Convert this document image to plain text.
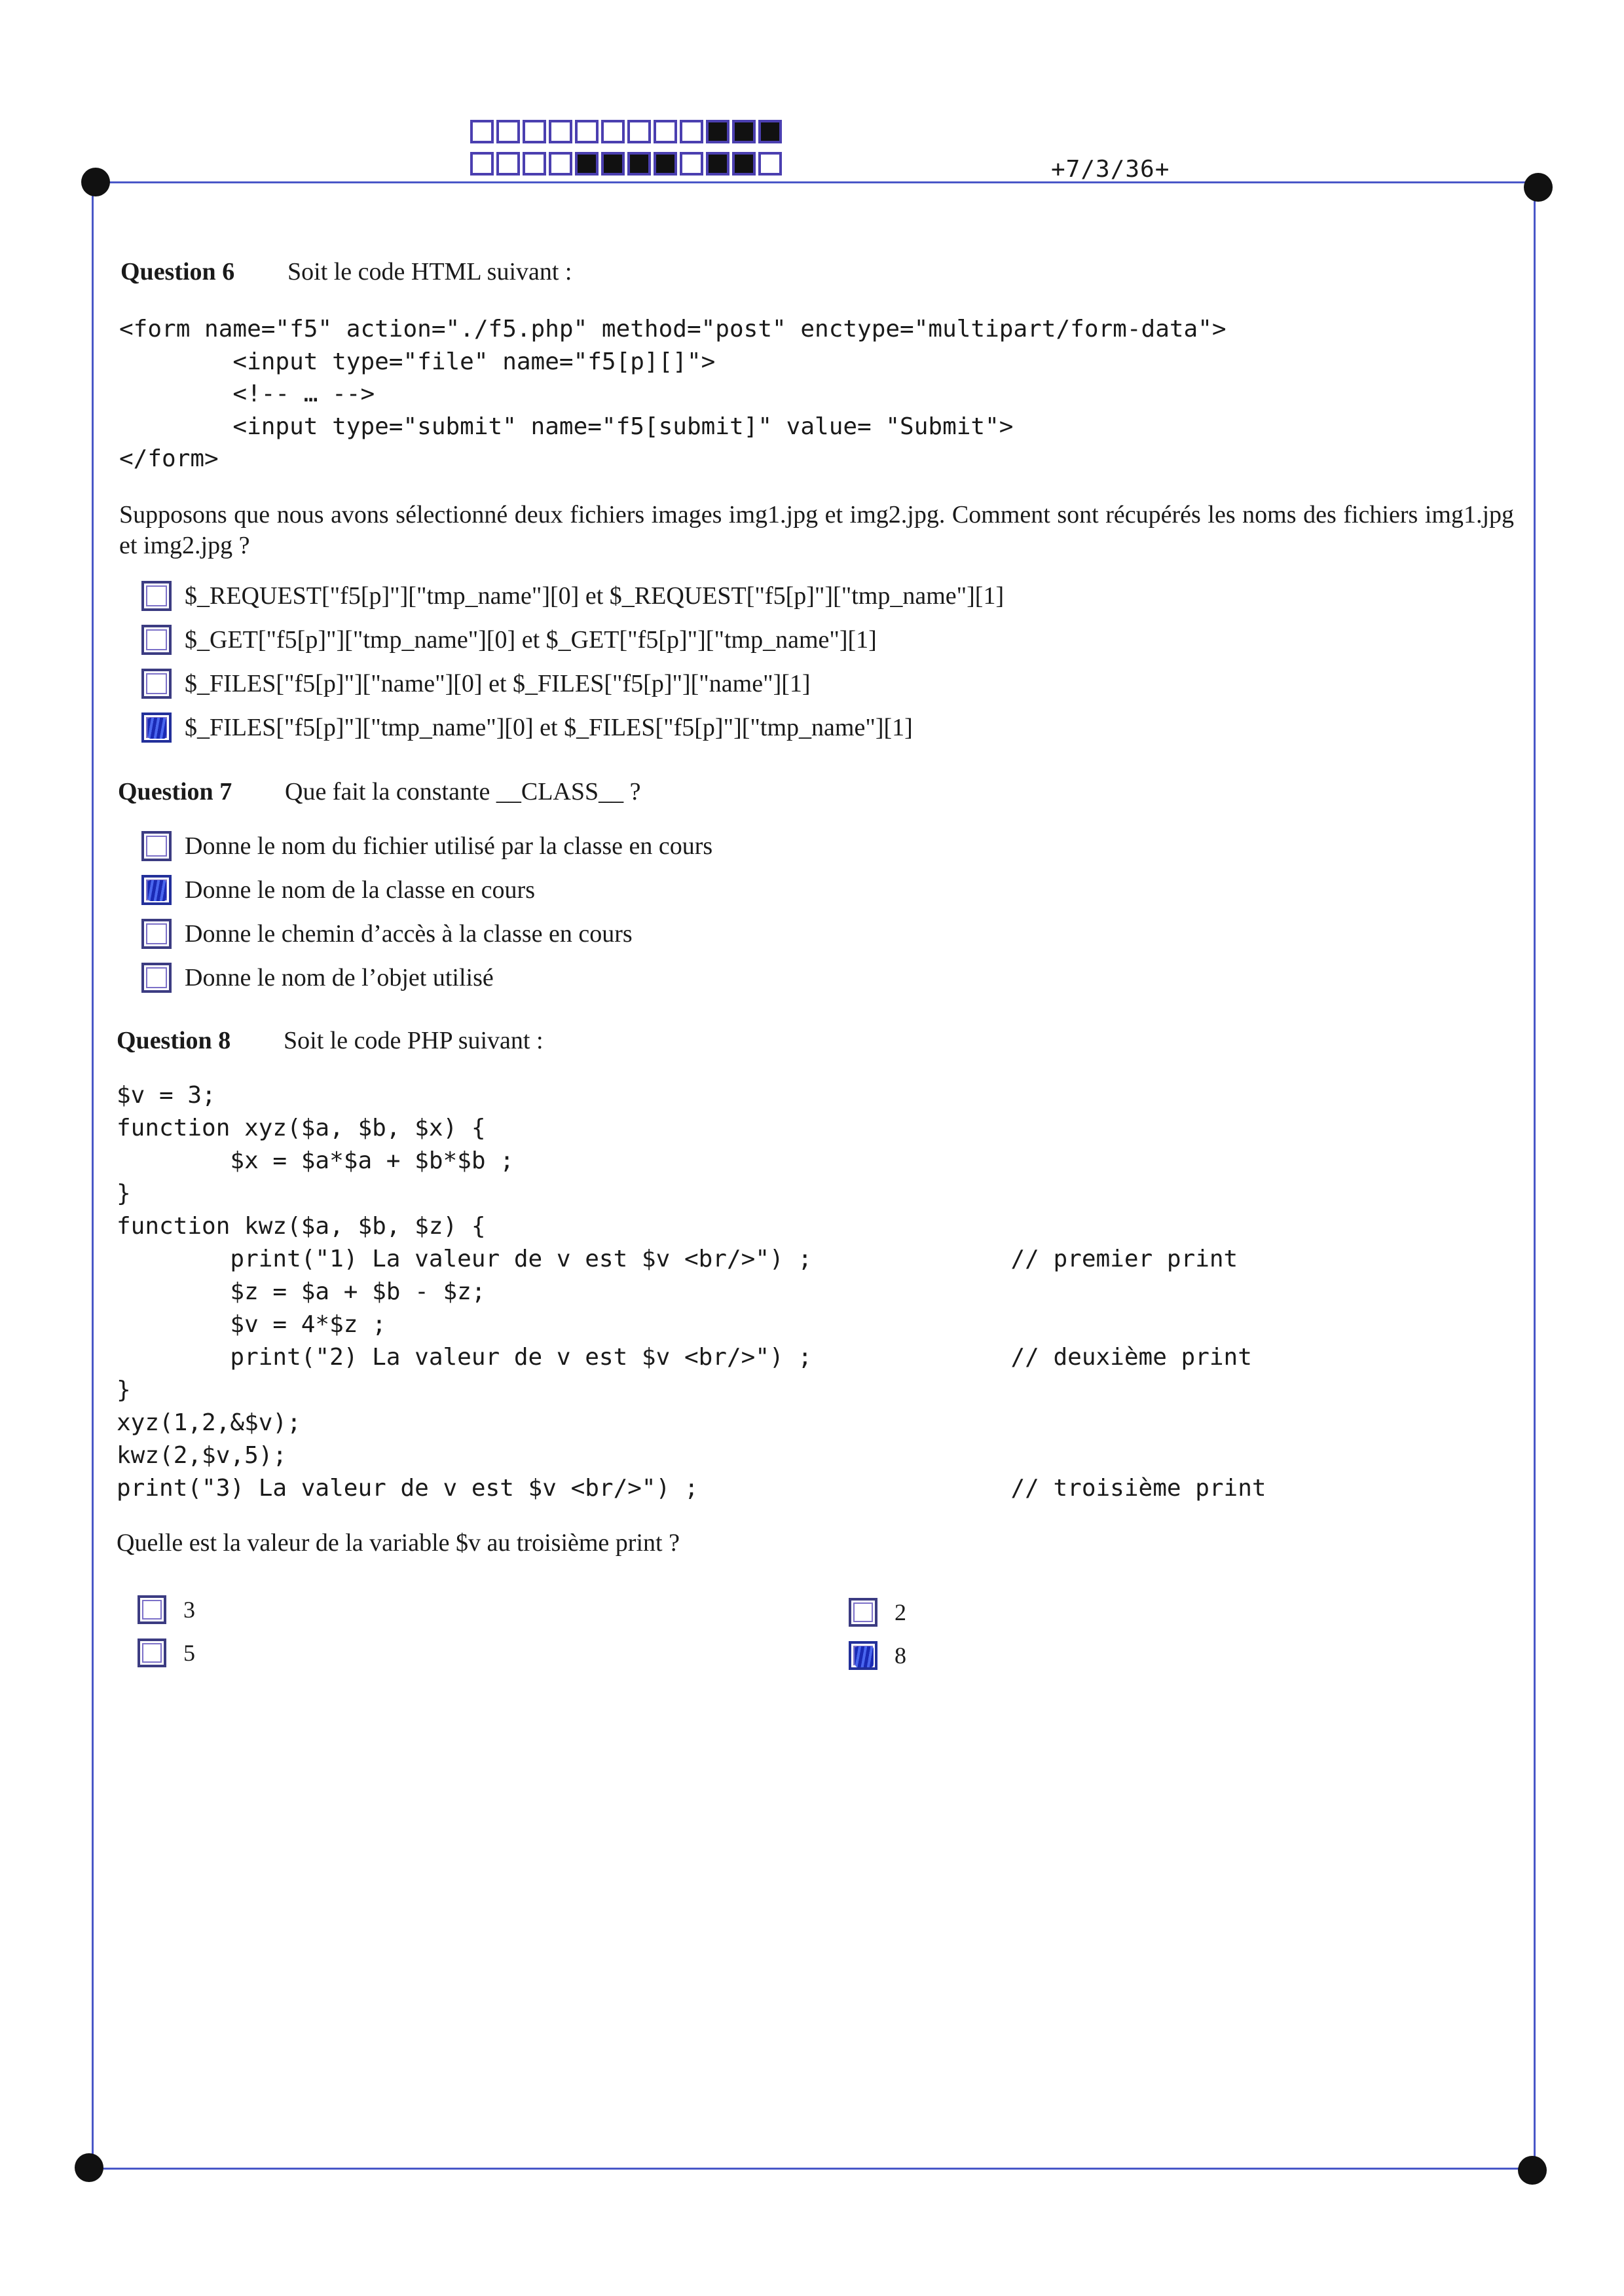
+7/3/36+
Question 6 Soit le code HTML suivant :
<form name="f5" action="./f5.php" method="post" enctype="multipart/form-data">
<input type="file" name="f5[p][]">
<!-- … -->
<input type="submit" name="f5[submit]" value= "Submit">
</form>
Supposons que nous avons sélectionné deux fichiers images img1.jpg et img2.jpg. Comment sont récupérés les noms des fichiers img1.jpg et img2.jpg ?
$_REQUEST["f5[p]"]["tmp_name"][0] et $_REQUEST["f5[p]"]["tmp_name"][1]
$_GET["f5[p]"]["tmp_name"][0] et $_GET["f5[p]"]["tmp_name"][1]
$_FILES["f5[p]"]["name"][0] et $_FILES["f5[p]"]["name"][1]
$_FILES["f5[p]"]["tmp_name"][0] et $_FILES["f5[p]"]["tmp_name"][1]
Question 7 Que fait la constante __CLASS__ ?
Donne le nom du fichier utilisé par la classe en cours
Donne le nom de la classe en cours
Donne le chemin d’accès à la classe en cours
Donne le nom de l’objet utilisé
Question 8 Soit le code PHP suivant :
$v = 3;
function xyz($a, $b, $x) {
$x = $a*$a + $b*$b ;
}
function kwz($a, $b, $z) {
print("1) La valeur de v est $v <br/>") ;              // premier print
$z = $a + $b - $z;
$v = 4*$z ;
print("2) La valeur de v est $v <br/>") ;              // deuxième print
}
xyz(1,2,&$v);
kwz(2,$v,5);
print("3) La valeur de v est $v <br/>") ;                      // troisième print
Quelle est la valeur de la variable $v au troisième print ?
3
5
2
8
